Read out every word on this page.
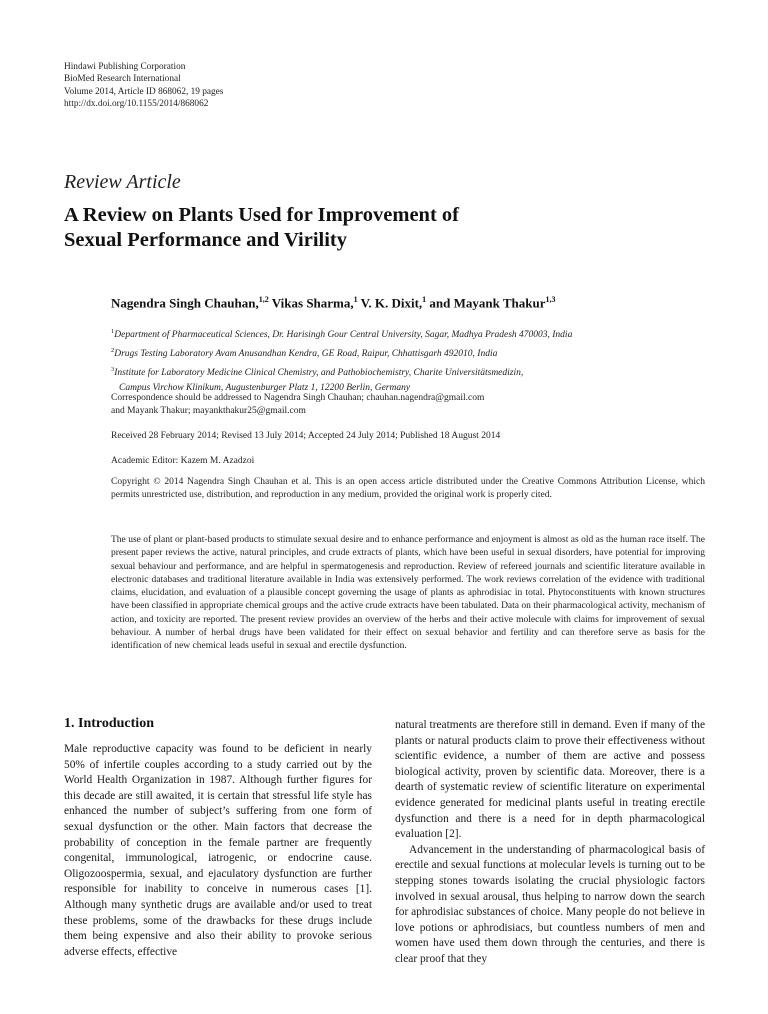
Hindawi Publishing Corporation
BioMed Research International
Volume 2014, Article ID 868062, 19 pages
http://dx.doi.org/10.1155/2014/868062
Review Article
A Review on Plants Used for Improvement of
Sexual Performance and Virility
Nagendra Singh Chauhan,$^{1,2}$ Vikas Sharma,$^1$ V. K. Dixit,$^1$ and Mayank Thakur$^{1,3}$
$^1$Department of Pharmaceutical Sciences, Dr. Harisingh Gour Central University, Sagar, Madhya Pradesh 470003, India
$^2$Drugs Testing Laboratory Avam Anusandhan Kendra, GE Road, Raipur, Chhattisgarh 492010, India
$^3$Institute for Laboratory Medicine Clinical Chemistry, and Pathobiochemistry, Charite Universitätsmedizin,
Campus Virchow Klinikum, Augustenburger Platz 1, 12200 Berlin, Germany
Correspondence should be addressed to Nagendra Singh Chauhan; chauhan.nagendra@gmail.com
and Mayank Thakur; mayankthakur25@gmail.com
Received 28 February 2014; Revised 13 July 2014; Accepted 24 July 2014; Published 18 August 2014
Academic Editor: Kazem M. Azadzoi
Copyright © 2014 Nagendra Singh Chauhan et al. This is an open access article distributed under the Creative Commons Attribution License, which permits unrestricted use, distribution, and reproduction in any medium, provided the original work is properly cited.
The use of plant or plant-based products to stimulate sexual desire and to enhance performance and enjoyment is almost as old as the human race itself. The present paper reviews the active, natural principles, and crude extracts of plants, which have been useful in sexual disorders, have potential for improving sexual behaviour and performance, and are helpful in spermatogenesis and reproduction. Review of refereed journals and scientific literature available in electronic databases and traditional literature available in India was extensively performed. The work reviews correlation of the evidence with traditional claims, elucidation, and evaluation of a plausible concept governing the usage of plants as aphrodisiac in total. Phytoconstituents with known structures have been classified in appropriate chemical groups and the active crude extracts have been tabulated. Data on their pharmacological activity, mechanism of action, and toxicity are reported. The present review provides an overview of the herbs and their active molecule with claims for improvement of sexual behaviour. A number of herbal drugs have been validated for their effect on sexual behavior and fertility and can therefore serve as basis for the identification of new chemical leads useful in sexual and erectile dysfunction.
1. Introduction

Male reproductive capacity was found to be deficient in nearly 50% of infertile couples according to a study carried out by the World Health Organization in 1987. Although further figures for this decade are still awaited, it is certain that stressful life style has enhanced the number of subject’s suffering from one form of sexual dysfunction or the other. Main factors that decrease the probability of conception in the female partner are frequently congenital, immunological, iatrogenic, or endocrine cause. Oligozoospermia, sexual, and ejaculatory dysfunction are further responsible for inability to conceive in numerous cases [1]. Although many synthetic drugs are available and/or used to treat these problems, some of the drawbacks for these drugs include them being expensive and also their ability to provoke serious adverse effects, effective

natural treatments are therefore still in demand. Even if many of the plants or natural products claim to prove their effectiveness without scientific evidence, a number of them are active and possess biological activity, proven by scientific data. Moreover, there is a dearth of systematic review of scientific literature on experimental evidence generated for medicinal plants useful in treating erectile dysfunction and there is a need for in depth pharmacological evaluation [2].

Advancement in the understanding of pharmacological basis of erectile and sexual functions at molecular levels is turning out to be stepping stones towards isolating the crucial physiologic factors involved in sexual arousal, thus helping to narrow down the search for aphrodisiac substances of choice. Many people do not believe in love potions or aphrodisiacs, but countless numbers of men and women have used them down through the centuries, and there is clear proof that they
